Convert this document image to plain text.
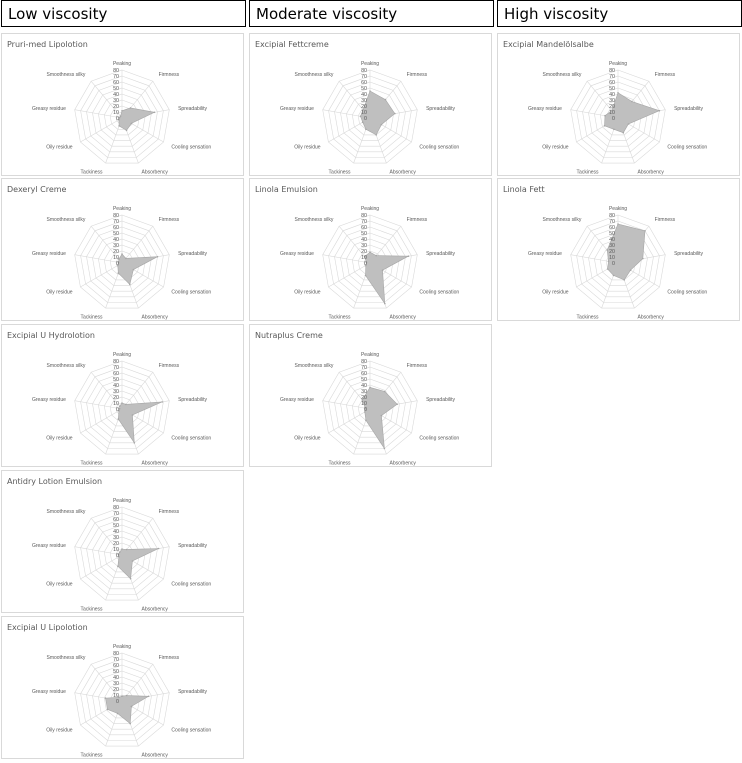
Low viscosity	Moderate viscosity	High viscosity
Pruri-med Lipolotion
0
10
20
30
40
50
60
70
80
Peaking
Firmness
Spreadability
Cooling sensation
Absorbency
Tackiness
Oily residue
Greasy residue
Smoothness silky
Dexeryl Creme
0
10
20
30
40
50
60
70
80
Peaking
Firmness
Spreadability
Cooling sensation
Absorbency
Tackiness
Oily residue
Greasy residue
Smoothness silky
Excipial U Hydrolotion
0
10
20
30
40
50
60
70
80
Peaking
Firmness
Spreadability
Cooling sensation
Absorbency
Tackiness
Oily residue
Greasy residue
Smoothness silky
Antidry Lotion Emulsion
0
10
20
30
40
50
60
70
80
Peaking
Firmness
Spreadability
Cooling sensation
Absorbency
Tackiness
Oily residue
Greasy residue
Smoothness silky
Excipial U Lipolotion
0
10
20
30
40
50
60
70
80
Peaking
Firmness
Spreadability
Cooling sensation
Absorbency
Tackiness
Oily residue
Greasy residue
Smoothness silky
Excipial Fettcreme
0
10
20
30
40
50
60
70
80
Peaking
Firmness
Spreadability
Cooling sensation
Absorbency
Tackiness
Oily residue
Greasy residue
Smoothness silky
Linola Emulsion
0
10
20
30
40
50
60
70
80
Peaking
Firmness
Spreadability
Cooling sensation
Absorbency
Tackiness
Oily residue
Greasy residue
Smoothness silky
Nutraplus Creme
0
10
20
30
40
50
60
70
80
Peaking
Firmness
Spreadability
Cooling sensation
Absorbency
Tackiness
Oily residue
Greasy residue
Smoothness silky
Excipial Mandelölsalbe
0
10
20
30
40
50
60
70
80
Peaking
Firmness
Spreadability
Cooling sensation
Absorbency
Tackiness
Oily residue
Greasy residue
Smoothness silky
Linola Fett
0
10
20
30
40
50
60
70
80
Peaking
Firmness
Spreadability
Cooling sensation
Absorbency
Tackiness
Oily residue
Greasy residue
Smoothness silky
